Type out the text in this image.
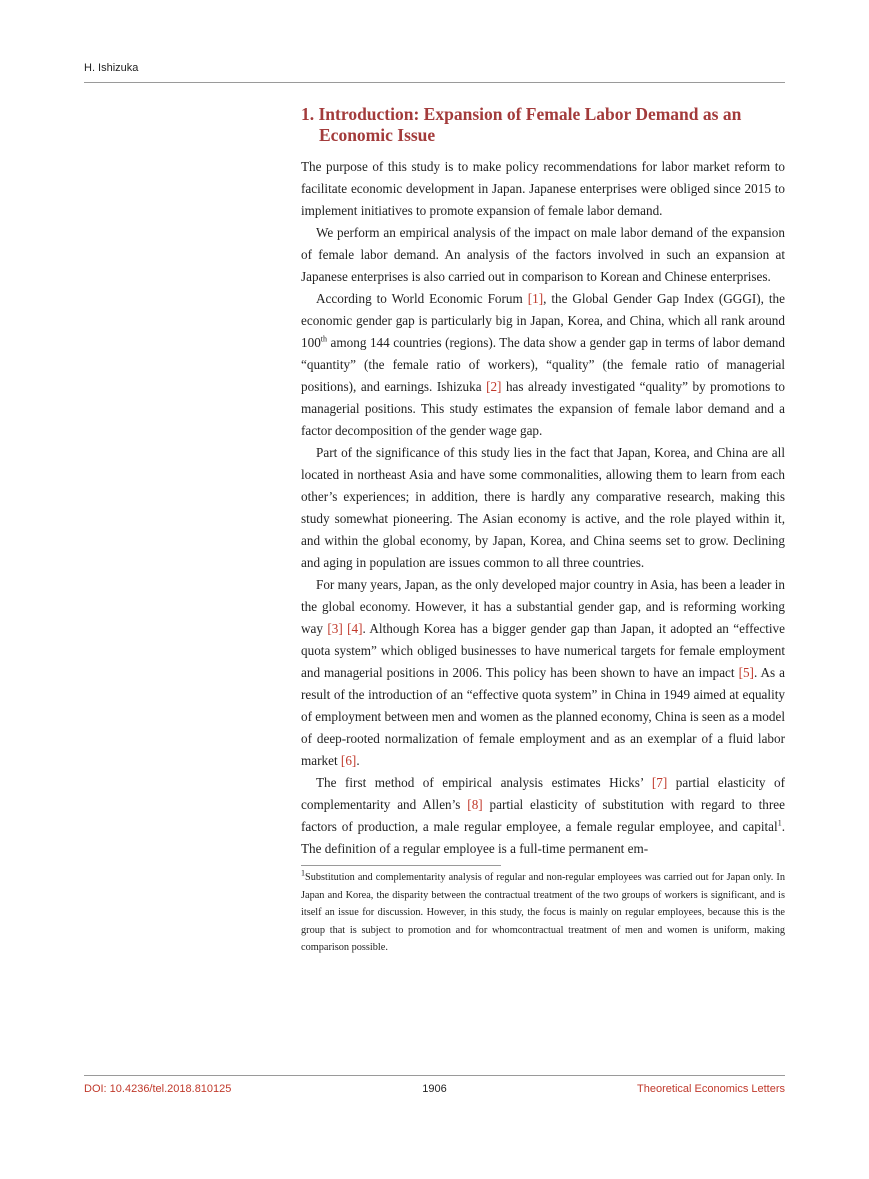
H. Ishizuka
1. Introduction: Expansion of Female Labor Demand as an Economic Issue

The purpose of this study is to make policy recommendations for labor market reform to facilitate economic development in Japan. Japanese enterprises were obliged since 2015 to implement initiatives to promote expansion of female labor demand.

We perform an empirical analysis of the impact on male labor demand of the expansion of female labor demand. An analysis of the factors involved in such an expansion at Japanese enterprises is also carried out in comparison to Korean and Chinese enterprises.

According to World Economic Forum [1], the Global Gender Gap Index (GGGI), the economic gender gap is particularly big in Japan, Korea, and China, which all rank around 100th among 144 countries (regions). The data show a gender gap in terms of labor demand “quantity” (the female ratio of workers), “quality” (the female ratio of managerial positions), and earnings. Ishizuka [2] has already investigated “quality” by promotions to managerial positions. This study estimates the expansion of female labor demand and a factor decomposition of the gender wage gap.

Part of the significance of this study lies in the fact that Japan, Korea, and China are all located in northeast Asia and have some commonalities, allowing them to learn from each other’s experiences; in addition, there is hardly any comparative research, making this study somewhat pioneering. The Asian economy is active, and the role played within it, and within the global economy, by Japan, Korea, and China seems set to grow. Declining and aging in population are issues common to all three countries.

For many years, Japan, as the only developed major country in Asia, has been a leader in the global economy. However, it has a substantial gender gap, and is reforming working way [3] [4]. Although Korea has a bigger gender gap than Japan, it adopted an “effective quota system” which obliged businesses to have numerical targets for female employment and managerial positions in 2006. This policy has been shown to have an impact [5]. As a result of the introduction of an “effective quota system” in China in 1949 aimed at equality of employment between men and women as the planned economy, China is seen as a model of deep-rooted normalization of female employment and as an exemplar of a fluid labor market [6].

The first method of empirical analysis estimates Hicks’ [7] partial elasticity of complementarity and Allen’s [8] partial elasticity of substitution with regard to three factors of production, a male regular employee, a female regular employee, and capital$^1$. The definition of a regular employee is a full-time permanent em-

$^1$Substitution and complementarity analysis of regular and non-regular employees was carried out for Japan only. In Japan and Korea, the disparity between the contractual treatment of the two groups of workers is significant, and is itself an issue for discussion. However, in this study, the focus is mainly on regular employees, because this is the group that is subject to promotion and for whomcontractual treatment of men and women is uniform, making comparison possible.

DOI: 10.4236/tel.2018.810125	1906	Theoretical Economics Letters
